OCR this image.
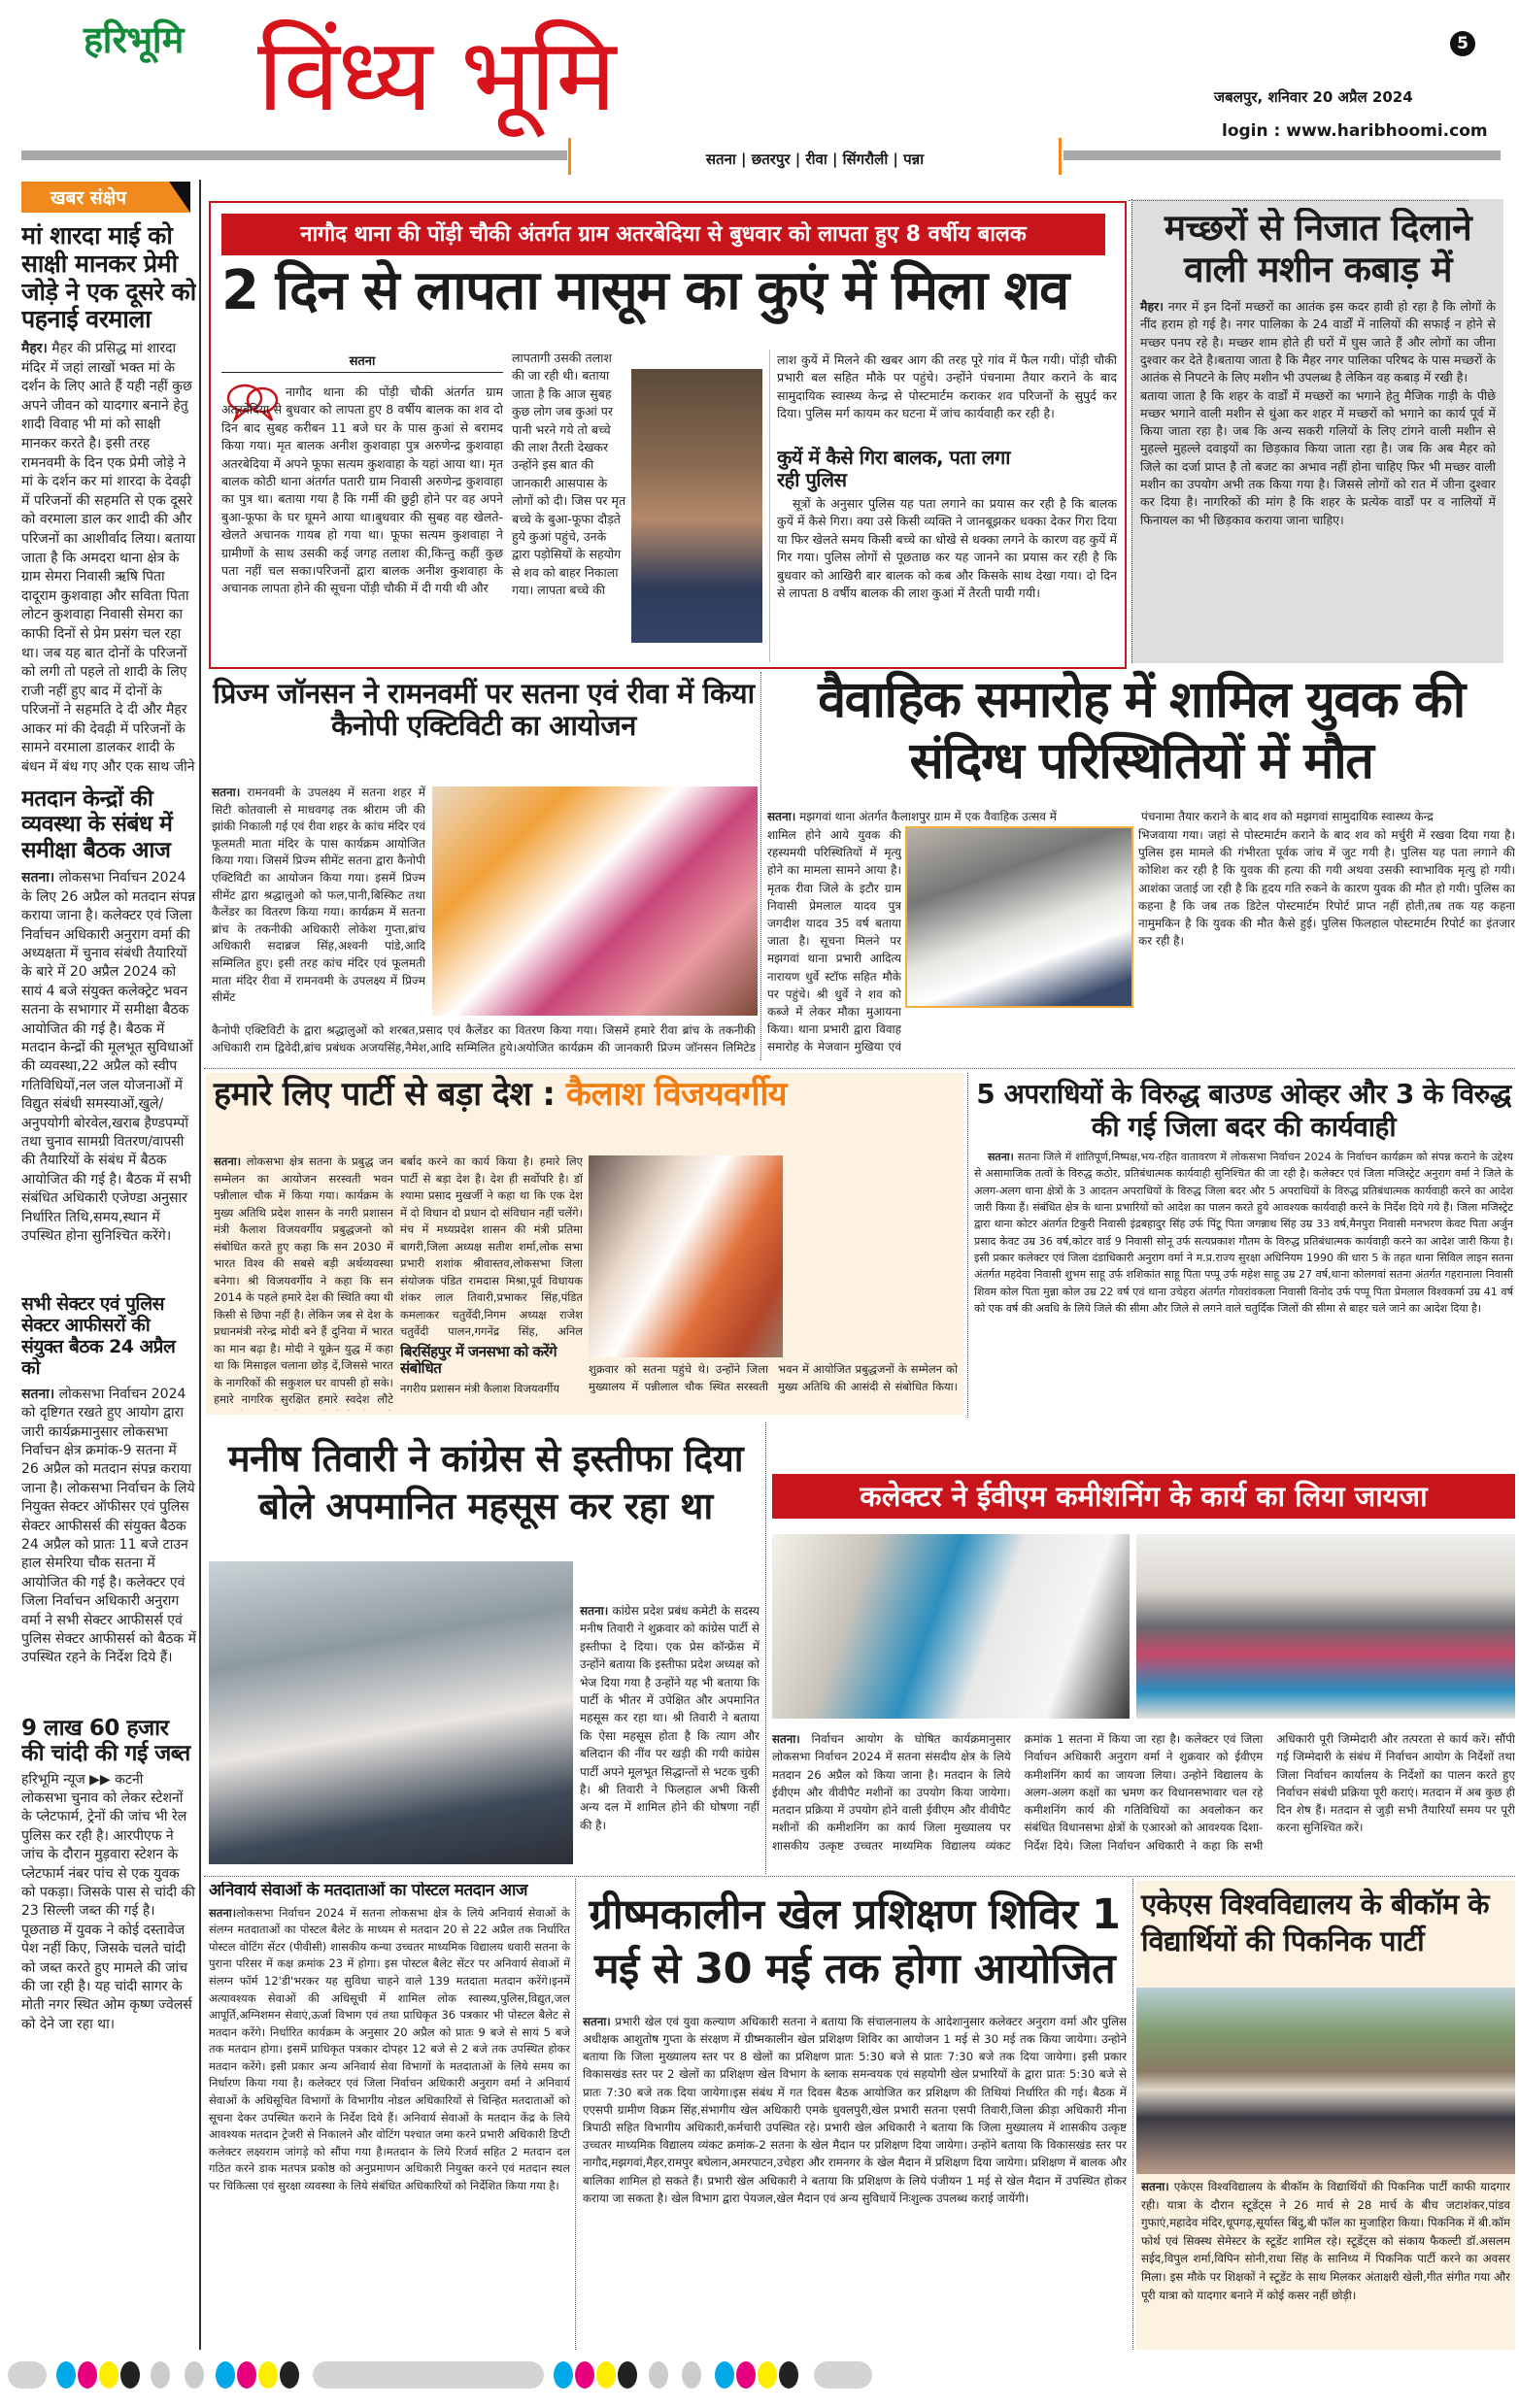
हरिभूमि विंध्य भूमि	5
जबलपुर, शनिवार 20 अप्रैल 2024
login : www.haribhoomi.com
सतना | छतरपुर | रीवा | सिंगरौली | पन्ना
खबर संक्षेप
मां शारदा माई को साक्षी मानकर प्रेमी जोड़े ने एक दूसरे को पहनाई वरमाला
मैहर। मैहर की प्रसिद्ध मां शारदा मंदिर में जहां लाखों भक्त मां के दर्शन के लिए आते हैं यही नहीं कुछ अपने जीवन को यादगार बनाने हेतु शादी विवाह भी मां को साक्षी मानकर करते है। इसी तरह रामनवमी के दिन एक प्रेमी जोड़े ने मां के दर्शन कर मां शारदा के देवढ़ी में परिजनों की सहमति से एक दूसरे को वरमाला डाल कर शादी की और परिजनों का आशीर्वाद लिया। बताया जाता है कि अमदरा थाना क्षेत्र के ग्राम सेमरा निवासी ऋषि पिता दादूराम कुशवाहा और सविता पिता लोटन कुशवाहा निवासी सेमरा का काफी दिनों से प्रेम प्रसंग चल रहा था। जब यह बात दोनों के परिजनों को लगी तो पहले तो शादी के लिए राजी नहीं हुए बाद में दोनों के परिजनों ने सहमति दे दी और मैहर आकर मां की देवढ़ी में परिजनों के सामने वरमाला डालकर शादी के बंधन में बंध गए और एक साथ जीने
मतदान केन्द्रों की व्यवस्था के संबंध में समीक्षा बैठक आज
सतना। लोकसभा निर्वाचन 2024 के लिए 26 अप्रैल को मतदान संपन्न कराया जाना है। कलेक्टर एवं जिला निर्वाचन अधिकारी अनुराग वर्मा की अध्यक्षता में चुनाव संबंधी तैयारियों के बारे में 20 अप्रैल 2024 को सायं 4 बजे संयुक्त कलेक्ट्रेट भवन सतना के सभागार में समीक्षा बैठक आयोजित की गई है। बैठक में मतदान केन्द्रों की मूलभूत सुविधाओं की व्यवस्था,22 अप्रैल को स्वीप गतिविधियों,नल जल योजनाओं में विद्युत संबंधी समस्याओं,खुले/अनुपयोगी बोरवेल,खराब हैण्डपम्पों तथा चुनाव सामग्री वितरण/वापसी की तैयारियों के संबंध में बैठक आयोजित की गई है। बैठक में सभी संबंधित अधिकारी एजेण्डा अनुसार निर्धारित तिथि,समय,स्थान में उपस्थित होना सुनिश्चित करेंगे।
सभी सेक्टर एवं पुलिस सेक्टर आफीसरों की संयुक्त बैठक 24 अप्रैल को
सतना। लोकसभा निर्वाचन 2024 को दृष्टिगत रखते हुए आयोग द्वारा जारी कार्यक्रमानुसार लोकसभा निर्वाचन क्षेत्र क्रमांक-9 सतना में 26 अप्रैल को मतदान संपन्न कराया जाना है। लोकसभा निर्वाचन के लिये नियुक्त सेक्टर ऑफीसर एवं पुलिस सेक्टर आफीसर्स की संयुक्त बैठक 24 अप्रैल को प्रातः 11 बजे टाउन हाल सेमरिया चौक सतना में आयोजित की गई है। कलेक्टर एवं जिला निर्वाचन अधिकारी अनुराग वर्मा ने सभी सेक्टर आफीसर्स एवं पुलिस सेक्टर आफीसर्स को बैठक में उपस्थित रहने के निर्देश दिये हैं।
9 लाख 60 हजार की चांदी की गई जब्त
हरिभूमि न्यूज ▶▶ कटनी
लोकसभा चुनाव को लेकर स्टेशनों के प्लेटफार्म, ट्रेनों की जांच भी रेल पुलिस कर रही है। आरपीएफ ने जांच के दौरान मुड़वारा स्टेशन के प्लेटफार्म नंबर पांच से एक युवक को पकड़ा। जिसके पास से चांदी की 23 सिल्ली जब्त की गई है। पूछताछ में युवक ने कोई दस्तावेज पेश नहीं किए, जिसके चलते चांदी को जब्त करते हुए मामले की जांच की जा रही है। यह चांदी सागर के मोती नगर स्थित ओम कृष्ण ज्वेलर्स को देने जा रहा था।
नागौद थाना की पोंड़ी चौकी अंतर्गत ग्राम अतरबेदिया से बुधवार को लापता हुए 8 वर्षीय बालक
2 दिन से लापता मासूम का कुएं में मिला शव
सतना
नागौद थाना की पोंड़ी चौकी अंतर्गत ग्राम अतरबेदिया से बुधवार को लापता हुए 8 वर्षीय बालक का शव दो दिन बाद सुबह करीबन 11 बजे घर के पास कुआं से बरामद किया गया। मृत बालक अनीश कुशवाहा पुत्र अरुणेन्द्र कुशवाहा अतरबेदिया में अपने फूफा सत्यम कुशवाहा के यहां आया था। मृत बालक कोठी थाना अंतर्गत पतारी ग्राम निवासी अरुणेन्द्र कुशवाहा का पुत्र था। बताया गया है कि गर्मी की छुट्टी होने पर वह अपने बुआ-फूफा के घर घूमने आया था।बुधवार की सुबह वह खेलते-खेलते अचानक गायब हो गया था। फूफा सत्यम कुशवाहा ने ग्रामीणों के साथ उसकी कई जगह तलाश की,किन्तु कहीं कुछ पता नहीं चल सका।परिजनों द्वारा बालक अनीश कुशवाहा के अचानक लापता होने की सूचना पोंड़ी चौकी में दी गयी थी और
लापतागी उसकी तलाश की जा रही थी। बताया जाता है कि आज सुबह कुछ लोग जब कुआं पर पानी भरने गये तो बच्चे की लाश तैरती देखकर उन्होंने इस बात की जानकारी आसपास के लोगों को दी। जिस पर मृत बच्चे के बुआ-फूफा दौड़ते हुये कुआं पहुंचे, उनके द्वारा पड़ोसियों के सहयोग से शव को बाहर निकाला गया। लापता बच्चे की
लाश कुयें में मिलने की खबर आग की तरह पूरे गांव में फैल गयी। पोंड़ी चौकी प्रभारी बल सहित मौके पर पहुंचे। उन्होंने पंचनामा तैयार कराने के बाद सामुदायिक स्वास्थ्य केन्द्र से पोस्टमार्टम कराकर शव परिजनों के सुपुर्द कर दिया। पुलिस मर्ग कायम कर घटना में जांच कार्यवाही कर रही है।
कुयें में कैसे गिरा बालक, पता लगा रही पुलिस
सूत्रों के अनुसार पुलिस यह पता लगाने का प्रयास कर रही है कि बालक कुयें में कैसे गिरा। क्या उसे किसी व्यक्ति ने जानबूझकर धक्का देकर गिरा दिया या फिर खेलते समय किसी बच्चे का धोखे से धक्का लगने के कारण वह कुयें में गिर गया। पुलिस लोगों से पूछताछ कर यह जानने का प्रयास कर रही है कि बुधवार को आखिरी बार बालक को कब और किसके साथ देखा गया। दो दिन से लापता 8 वर्षीय बालक की लाश कुआं में तैरती पायी गयी।
मच्छरों से निजात दिलाने वाली मशीन कबाड़ में
मैहर। नगर में इन दिनों मच्छरों का आतंक इस कदर हावी हो रहा है कि लोगों के नींद हराम हो गई है। नगर पालिका के 24 वार्डों में नालियों की सफाई न होने से मच्छर पनप रहे है। मच्छर शाम होते ही घरों में घुस जाते हैं और लोगों का जीना दुश्वार कर देते है।बताया जाता है कि मैहर नगर पालिका परिषद के पास मच्छरों के आतंक से निपटने के लिए मशीन भी उपलब्ध है लेकिन वह कबाड़ में रखी है।
बताया जाता है कि शहर के वार्डों में मच्छरों का भगाने हेतु मैजिक गाड़ी के पीछे मच्छर भगाने वाली मशीन से धुंआ कर शहर में मच्छरों को भगाने का कार्य पूर्व में किया जाता रहा है। जब कि अन्य सकरी गलियों के लिए टांगने वाली मशीन से मुहल्ले मुहल्ले दवाइयों का छिड़काव किया जाता रहा है। जब कि अब मैहर को जिले का दर्जा प्राप्त है तो बजट का अभाव नहीं होना चाहिए फिर भी मच्छर वाली मशीन का उपयोग अभी तक किया गया है। जिससे लोगों को रात में जीना दुश्वार कर दिया है। नागरिकों की मांग है कि शहर के प्रत्येक वार्डों पर व नालियों में फिनायल का भी छिड़काव कराया जाना चाहिए।
प्रिज्म जॉनसन ने रामनवमीं पर सतना एवं रीवा में किया कैनोपी एक्टिविटी का आयोजन
सतना। रामनवमी के उपलक्ष्य में सतना शहर में सिटी कोतवाली से माधवगढ़ तक श्रीराम जी की झांकी निकाली गई एवं रीवा शहर के कांच मंदिर एवं फूलमती माता मंदिर के पास कार्यक्रम आयोजित किया गया। जिसमें प्रिज्म सीमेंट सतना द्वारा कैनोपी एक्टिविटी का आयोजन किया गया। इसमें प्रिज्म सीमेंट द्वारा श्रद्धालुओ को फल,पानी,बिस्किट तथा कैलेंडर का वितरण किया गया। कार्यक्रम में सतना ब्रांच के तकनीकी अधिकारी लोकेश गुप्ता,ब्रांच अधिकारी सदाब्रज सिंह,अश्वनी पांडे,आदि सम्मिलित हुए। इसी तरह कांच मंदिर एवं फूलमती माता मंदिर रीवा में रामनवमी के उपलक्ष्य में प्रिज्म सीमेंट
कैनोपी एक्टिविटी के द्वारा श्रद्धालुओं को शरबत,प्रसाद एवं कैलेंडर का वितरण किया गया। जिसमें हमारे रीवा ब्रांच के तकनीकी अधिकारी राम द्विवेदी,ब्रांच प्रबंधक अजयसिंह,नैमेश,आदि सम्मिलित हुये।अयोजित कार्यक्रम की जानकारी प्रिज्म जॉनसन लिमिटेड
वैवाहिक समारोह में शामिल युवक की संदिग्ध परिस्थितियों में मौत
सतना। मझगवां थाना अंतर्गत कैलाशपुर ग्राम में एक वैवाहिक उत्सव में
शामिल होने आये युवक की रहस्यमयी परिस्थितियों में मृत्यु होने का मामला सामने आया है। मृतक रीवा जिले के इटौर ग्राम निवासी प्रेमलाल यादव पुत्र जगदीश यादव 35 वर्ष बताया जाता है। सूचना मिलने पर मझगवां थाना प्रभारी आदित्य नारायण धुर्वे स्टॉफ सहित मौके पर पहुंचे। श्री धुर्वे ने शव को कब्जे में लेकर मौका मुआयना किया। थाना प्रभारी द्वारा विवाह समारोह के मेजवान मुखिया एवं
पंचनामा तैयार कराने के बाद शव को मझगवां सामुदायिक स्वास्थ्य केन्द्र
भिजवाया गया। जहां से पोस्टमार्टम कराने के बाद शव को मर्चुरी में रखवा दिया गया है। पुलिस इस मामले की गंभीरता पूर्वक जांच में जुट गयी है। पुलिस यह पता लगाने की कोशिश कर रही है कि युवक की हत्या की गयी अथवा उसकी स्वाभाविक मृत्यु हो गयी। आशंका जताई जा रही है कि हृदय गति रुकने के कारण युवक की मौत हो गयी। पुलिस का कहना है कि जब तक डिटेल पोस्टमार्टम रिपोर्ट प्राप्त नहीं होती,तब तक यह कहना नामुमकिन है कि युवक की मौत कैसे हुई। पुलिस फिलहाल पोस्टमार्टम रिपोर्ट का इंतजार कर रही है।
हमारे लिए पार्टी से बड़ा देश : कैलाश विजयवर्गीय
सतना। लोकसभा क्षेत्र सतना के प्रबुद्ध जन सम्मेलन का आयोजन सरस्वती भवन पन्नीलाल चौक में किया गया। कार्यक्रम के मुख्य अतिथि प्रदेश शासन के नगरी प्रशासन मंत्री कैलाश विजयवर्गीय प्रबुद्धजनो को संबोधित करते हुए कहा कि सन 2030 में भारत विश्व की सबसे बड़ी अर्थव्यवस्था बनेगा। श्री विजयवर्गीय ने कहा कि सन 2014 के पहले हमारे देश की स्थिति क्या थी किसी से छिपा नहीं है। लेकिन जब से देश के प्रधानमंत्री नरेन्द्र मोदी बने हैं दुनिया में भारत का मान बढ़ा है। मोदी ने यूक्रेन युद्ध में कहा था कि मिसाइल चलाना छोड़ दें,जिससे भारत के नागरिकों की सकुशल घर वापसी हो सके। हमारे नागरिक सुरक्षित हमारे स्वदेश लौटे
बर्बाद करने का कार्य किया है। हमारे लिए पार्टी से बड़ा देश है। देश ही सर्वोपरि है। डॉ श्यामा प्रसाद मुखर्जी ने कहा था कि एक देश में दो विधान दो प्रधान दो संविधान नहीं चलेंगे। मंच में मध्यप्रदेश शासन की मंत्री प्रतिमा बागरी,जिला अध्यक्ष सतीश शर्मा,लोक सभा प्रभारी शशांक श्रीवास्तव,लोकसभा जिला संयोजक पंडित रामदास मिश्रा,पूर्व विधायक शंकर लाल तिवारी,प्रभाकर सिंह,पंडित कमलाकर चतुर्वेदी,निगम अध्यक्ष राजेश चतुर्वेदी पालन,गगनेंद्र सिंह, अनिल
बिरसिंहपुर में जनसभा को करेंगे संबोधित
नगरीय प्रशासन मंत्री कैलाश विजयवर्गीय
शुक्रवार को सतना पहुंचे थे। उन्होंने जिला मुख्यालय में पन्नीलाल चौक स्थित सरस्वती भवन में आयोजित प्रबुद्धजनों के सम्मेलन को मुख्य अतिथि की आसंदी से संबोधित किया।
5 अपराधियों के विरुद्ध बाउण्ड ओव्हर और 3 के विरुद्ध की गई जिला बदर की कार्यवाही
सतना। सतना जिले में शांतिपूर्ण,निष्पक्ष,भय-रहित वातावरण में लोकसभा निर्वाचन 2024 के निर्वाचन कार्यक्रम को संपन्न कराने के उद्देश्य से असामाजिक तत्वों के विरुद्ध कठोर, प्रतिबंधात्मक कार्यवाही सुनिश्चित की जा रही है। कलेक्टर एवं जिला मजिस्ट्रेट अनुराग वर्मा ने जिले के अलग-अलग थाना क्षेत्रों के 3 आदतन अपराधियों के विरुद्ध जिला बदर और 5 अपराधियों के विरुद्ध प्रतिबंधात्मक कार्यवाही करने का आदेश जारी किया हैं। संबंधित क्षेत्र के थाना प्रभारियों को आदेश का पालन करते हुये आवश्यक कार्यवाही करने के निर्देश दिये गये हैं। जिला मजिस्ट्रेट द्वारा थाना कोटर अंतर्गत टिकुरी निवासी इंद्रबहादुर सिंह उर्फ पिंटू पिता जगन्नाथ सिंह उम्र 33 वर्ष,मैनपुरा निवासी मनभरण केवट पिता अर्जुन प्रसाद केवट उम्र 36 वर्ष,कोटर वार्ड 9 निवासी सोनू उर्फ सत्यप्रकाश गौतम के विरुद्ध प्रतिबंधात्मक कार्यवाही करने का आदेश जारी किया है। इसी प्रकार कलेक्टर एवं जिला दंडाधिकारी अनुराग वर्मा ने म.प्र.राज्य सुरक्षा अधिनियम 1990 की धारा 5 के तहत थाना सिविल लाइन सतना अंतर्गत महदेवा निवासी शुभम साहू उर्फ शशिकांत साहू पिता पप्पू उर्फ महेश साहू उम्र 27 वर्ष,थाना कोलगवां सतना अंतर्गत गहरानाला निवासी शिवम कोल पिता मुन्ना कोल उम्र 22 वर्ष एवं थाना उचेहरा अंतर्गत गोवरांवकला निवासी विनोद उर्फ पप्पू पिता प्रेमलाल विश्वकर्मा उम्र 41 वर्ष को एक वर्ष की अवधि के लिये जिले की सीमा और जिले से लगने वाले चतुर्दिक जिलों की सीमा से बाहर चले जाने का आदेश दिया है।
मनीष तिवारी ने कांग्रेस से इस्तीफा दिया बोले अपमानित महसूस कर रहा था
सतना। कांग्रेस प्रदेश प्रबंध कमेटी के सदस्य मनीष तिवारी ने शुक्रवार को कांग्रेस पार्टी से इस्तीफा दे दिया। एक प्रेस कॉन्फ्रेंस में उन्होंने बताया कि इस्तीफा प्रदेश अध्यक्ष को भेज दिया गया है उन्होंने यह भी बताया कि पार्टी के भीतर में उपेक्षित और अपमानित महसूस कर रहा था। श्री तिवारी ने बताया कि ऐसा महसूस होता है कि त्याग और बलिदान की नींव पर खड़ी की गयी कांग्रेस पार्टी अपने मूलभूत सिद्धान्तों से भटक चुकी है। श्री तिवारी ने फिलहाल अभी किसी अन्य दल में शामिल होने की घोषणा नहीं की है।
कलेक्टर ने ईवीएम कमीशनिंग के कार्य का लिया जायजा
सतना। निर्वाचन आयोग के घोषित कार्यक्रमानुसार लोकसभा निर्वाचन 2024 में सतना संसदीय क्षेत्र के लिये मतदान 26 अप्रैल को किया जाना है। मतदान के लिये ईवीएम और वीवीपैट मशीनों का उपयोग किया जायेगा। मतदान प्रक्रिया में उपयोग होने वाली ईवीएम और वीवीपैट मशीनों की कमीशनिंग का कार्य जिला मुख्यालय पर शासकीय उत्कृष्ट उच्चतर माध्यमिक विद्यालय व्यंकट क्रमांक 1 सतना में किया जा रहा है। कलेक्टर एवं जिला निर्वाचन अधिकारी अनुराग वर्मा ने शुक्रवार को ईवीएम कमीशनिंग कार्य का जायजा लिया। उन्होने विद्यालय के अलग-अलग कक्षों का भ्रमण कर विधानसभावार चल रहे कमीशनिंग कार्य की गतिविधियों का अवलोकन कर संबंधित विधानसभा क्षेत्रों के एआरओ को आवश्यक दिशा-निर्देश दिये। जिला निर्वाचन अधिकारी ने कहा कि सभी अधिकारी पूरी जिम्मेदारी और तत्परता से कार्य करें। सौंपी गई जिम्मेदारी के संबंध में निर्वाचन आयोग के निर्देशों तथा जिला निर्वाचन कार्यालय के निर्देशों का पालन करते हुए निर्वाचन संबंधी प्रक्रिया पूरी कराएं। मतदान में अब कुछ ही दिन शेष हैं। मतदान से जुड़ी सभी तैयारियाँ समय पर पूरी करना सुनिश्चित करें।
अनिवार्य सेवाओं के मतदाताओं का पोस्टल मतदान आज
सतना।लोकसभा निर्वाचन 2024 में सतना लोकसभा क्षेत्र के लिये अनिवार्य सेवाओं के संलग्न मतदाताओं का पोस्टल बैलेट के माध्यम से मतदान 20 से 22 अप्रैल तक निर्धारित पोस्टल वोटिंग सेंटर (पीवीसी) शासकीय कन्या उच्चतर माध्यमिक विद्यालय धवारी सतना के पुराना परिसर में कक्ष क्रमांक 23 में होगा। इस पोस्टल बैलेट सेंटर पर अनिवार्य सेवाओं में संलग्न फॉर्म 12'डी'भरकर यह सुविधा चाहने वाले 139 मतदाता मतदान करेंगे।इनमें अत्यावश्यक सेवाओं की अधिसूची में शामिल लोक स्वास्थ्य,पुलिस,विद्युत,जल आपूर्ति,अग्निशमन सेवाएं,ऊर्जा विभाग एवं तथा प्राधिकृत 36 पत्रकार भी पोस्टल बैलेट से मतदान करेंगे। निर्धारित कार्यक्रम के अनुसार 20 अप्रैल को प्रातः 9 बजे से सायं 5 बजे तक मतदान होगा। इसमें प्राधिकृत पत्रकार दोपहर 12 बजे से 2 बजे तक उपस्थित होकर मतदान करेंगे। इसी प्रकार अन्य अनिवार्य सेवा विभागों के मतदाताओं के लिये समय का निर्धारण किया गया है। कलेक्टर एवं जिला निर्वाचन अधिकारी अनुराग वर्मा ने अनिवार्य सेवाओं के अधिसूचित विभागों के विभागीय नोडल अधिकारियों से चिन्हित मतदाताओं को सूचना देकर उपस्थित कराने के निर्देश दिये हैं। अनिवार्य सेवाओं के मतदान केंद्र के लिये आवश्यक मतदान ट्रेजरी से निकालने और वोटिंग पश्चात जमा करने प्रभारी अधिकारी डिप्टी कलेक्टर लक्ष्यराम जांगड़े को सौंपा गया है।मतदान के लिये रिजर्व सहित 2 मतदान दल गठित करने डाक मतपत्र प्रकोष्ठ को अनुप्रमाणन अधिकारी नियुक्त करने एवं मतदान स्थल पर चिकित्सा एवं सुरक्षा व्यवस्था के लिये संबंधित अधिकारियों को निर्देशित किया गया है।
ग्रीष्मकालीन खेल प्रशिक्षण शिविर 1 मई से 30 मई तक होगा आयोजित
सतना। प्रभारी खेल एवं युवा कल्याण अधिकारी सतना ने बताया कि संचालनालय के आदेशानुसार कलेक्टर अनुराग वर्मा और पुलिस अधीक्षक आशुतोष गुप्ता के संरक्षण में ग्रीष्मकालीन खेल प्रशिक्षण शिविर का आयोजन 1 मई से 30 मई तक किया जायेगा। उन्होने बताया कि जिला मुख्यालय स्तर पर 8 खेलों का प्रशिक्षण प्रातः 5:30 बजे से प्रातः 7:30 बजे तक दिया जायेगा। इसी प्रकार विकासखंड स्तर पर 2 खेलों का प्रशिक्षण खेल विभाग के ब्लाक समन्वयक एवं सहयोगी खेल प्रभारियों के द्वारा प्रातः 5:30 बजे से प्रातः 7:30 बजे तक दिया जायेगा।इस संबंध में गत दिवस बैठक आयोजित कर प्रशिक्षण की तिथियां निर्धारित की गई। बैठक में एएसपी ग्रामीण विक्रम सिंह,संभागीय खेल अधिकारी एमके धुवलपुरी,खेल प्रभारी सतना एसपी तिवारी,जिला क्रीड़ा अधिकारी मीना त्रिपाठी सहित विभागीय अधिकारी,कर्मचारी उपस्थित रहे। प्रभारी खेल अधिकारी ने बताया कि जिला मुख्यालय में शासकीय उत्कृष्ट उच्चतर माध्यमिक विद्यालय व्यंकट क्रमांक-2 सतना के खेल मैदान पर प्रशिक्षण दिया जायेगा। उन्होंने बताया कि विकासखंड स्तर पर नागौद,मझगवां,मैहर,रामपुर बघेलान,अमरपाटन,उचेहरा और रामनगर के खेल मैदान में प्रशिक्षण दिया जायेगा। प्रशिक्षण में बालक और बालिका शामिल हो सकते हैं। प्रभारी खेल अधिकारी ने बताया कि प्रशिक्षण के लिये पंजीयन 1 मई से खेल मैदान में उपस्थित होकर कराया जा सकता है। खेल विभाग द्वारा पेयजल,खेल मैदान एवं अन्य सुविधायें निःशुल्क उपलब्ध कराई जायेंगी।
एकेएस विश्वविद्यालय के बीकॉम के विद्यार्थियों की पिकनिक पार्टी
सतना। एकेएस विश्वविद्यालय के बीकॉम के विद्यार्थियों की पिकनिक पार्टी काफी यादगार रही। यात्रा के दौरान स्टूडेंट्स ने 26 मार्च से 28 मार्च के बीच जटाशंकर,पांडव गुफाएं,महादेव मंदिर,धूपगढ़,सूर्यास्त बिंदु,बी फॉल का मुजाहिरा किया। पिकनिक में बी.कॉम फोर्थ एवं सिक्स्थ सेमेस्टर के स्टूडेंट शामिल रहे। स्टूडेंट्स को संकाय फैकल्टी डॉ.असलम सईद,विपुल शर्मा,विपिन सोनी,राधा सिंह के सानिध्य में पिकनिक पार्टी करने का अवसर मिला। इस मौके पर शिक्षकों ने स्टूडेंट के साथ मिलकर अंताक्षरी खेली,गीत संगीत गया और पूरी यात्रा को यादगार बनाने में कोई कसर नहीं छोड़ी।
